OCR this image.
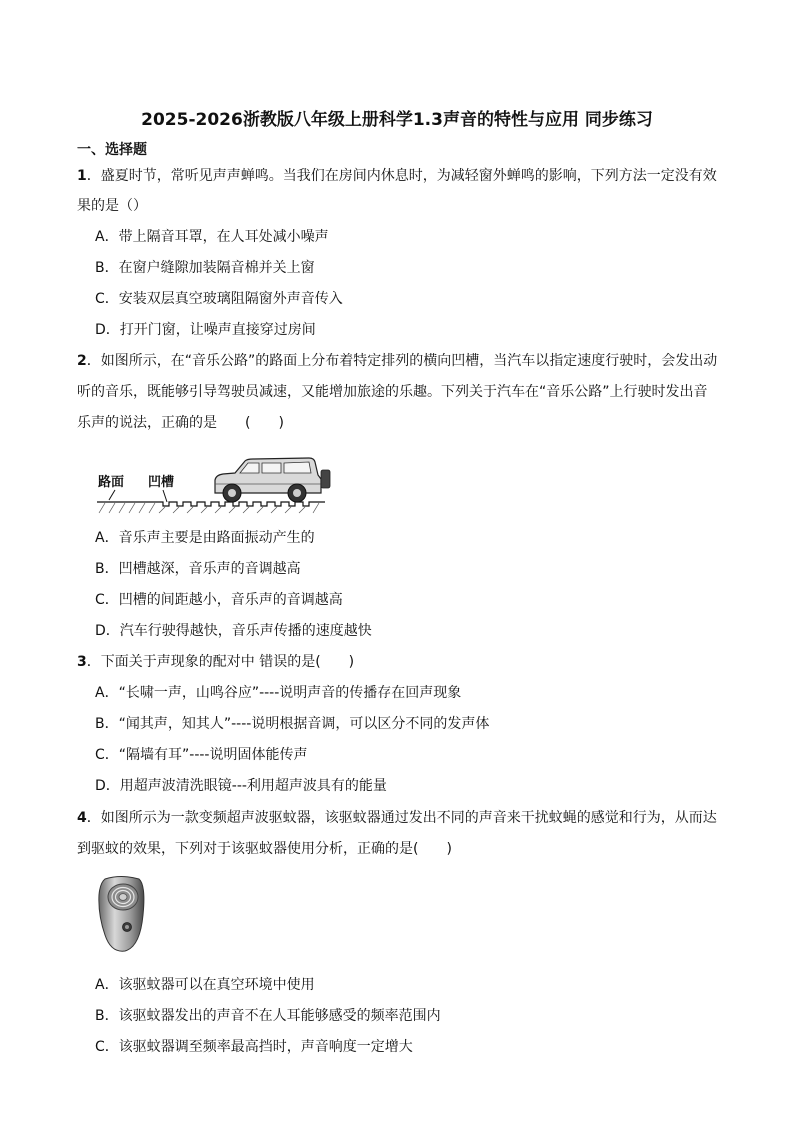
2025-2026浙教版八年级上册科学1.3声音的特性与应用 同步练习
一、选择题
1．盛夏时节，常听见声声蝉鸣。当我们在房间内休息时，为减轻窗外蝉鸣的影响，下列方法一定没有效
果的是（）
A．带上隔音耳罩，在人耳处减小噪声
B．在窗户缝隙加装隔音棉并关上窗
C．安装双层真空玻璃阻隔窗外声音传入
D．打开门窗，让噪声直接穿过房间
2．如图所示，在“音乐公路”的路面上分布着特定排列的横向凹槽，当汽车以指定速度行驶时，会发出动
听的音乐，既能够引导驾驶员减速，又能增加旅途的乐趣。下列关于汽车在“音乐公路”上行驶时发出音
乐声的说法，正确的是　　(　　)
路面 凹槽
A．音乐声主要是由路面振动产生的
B．凹槽越深，音乐声的音调越高
C．凹槽的间距越小，音乐声的音调越高
D．汽车行驶得越快，音乐声传播的速度越快
3．下面关于声现象的配对中 错误的是(　　)
A．“长啸一声，山鸣谷应”----说明声音的传播存在回声现象
B．“闻其声，知其人”----说明根据音调，可以区分不同的发声体
C．“隔墙有耳”----说明固体能传声
D．用超声波清洗眼镜---利用超声波具有的能量
4．如图所示为一款变频超声波驱蚊器，该驱蚊器通过发出不同的声音来干扰蚊蝇的感觉和行为，从而达
到驱蚊的效果，下列对于该驱蚊器使用分析，正确的是(　　)
A．该驱蚊器可以在真空环境中使用
B．该驱蚊器发出的声音不在人耳能够感受的频率范围内
C．该驱蚊器调至频率最高挡时，声音响度一定增大
